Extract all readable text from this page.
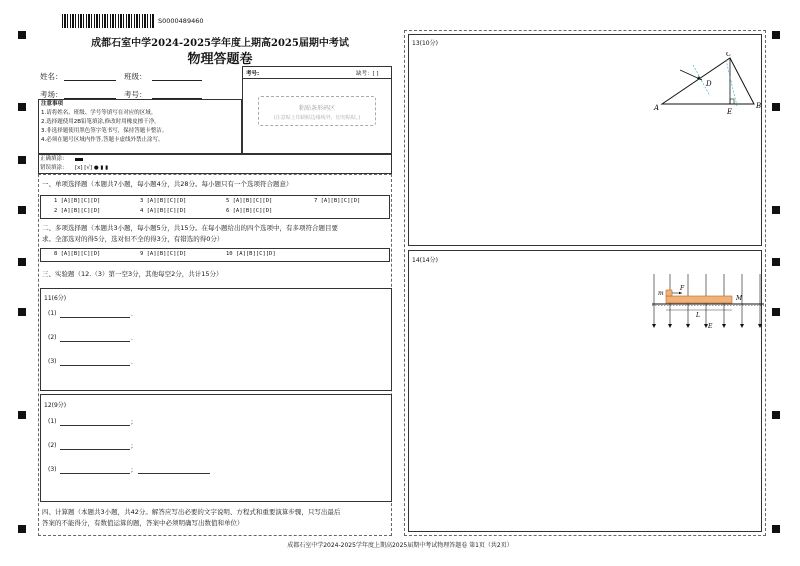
S0000489460
成都石室中学2024-2025学年度上期高2025届期中考试
物理答题卷
姓名：	班级：
考场：	考号：
考号:	缺考：[ ]
粘贴条形码区
(注意贴上印刷贴边缘线外，切勿粘贴。)
注意事项
1.请将姓名、班级、学号等填写在对应的区域。
2.选择题使用2B铅笔填涂,修改时用橡皮擦干净。
3.非选择题使用黑色签字笔书写，保持答题卡整洁。
4.必须在题号区域内作答,答题卡虚线外禁止涂写。
正确填涂：
错误填涂： [x] [√] ● ▮ ▮
一、单项选择题（本题共7小题，每小题4分，共28分。每小题只有一个选项符合题意）
1 [A][B][C][D]	3 [A][B][C][D]	5 [A][B][C][D]	7 [A][B][C][D]
2 [A][B][C][D]	4 [A][B][C][D]	6 [A][B][C][D]
二、多项选择题（本题共3小题，每小题5分，共15分。在每小题给出的四个选项中，有多项符合题目要
求。全部选对的得5分，选对但不全的得3分，有错选的得0分）
8 [A][B][C][D]	9 [A][B][C][D]	10 [A][B][C][D]
三、实验题（12.（3）第一空3分，其他每空2分，共计15分）
11(6分)
(1)	.
(2)	.
(3)	.
12(9分)
(1)	;
(2)	;
(3)	;
四、计算题（本题共3小题，共42分。解答应写出必要的文字说明、方程式和重要演算步骤，只写出最后
答案的不能得分，有数值运算的题，答案中必须明确写出数值和单位）
13(10分)
A	B
C
D
E
14(14分)
m
F
M
L
E
成都石室中学2024-2025学年度上期高2025届期中考试物理答题卷 第1页（共2页）
